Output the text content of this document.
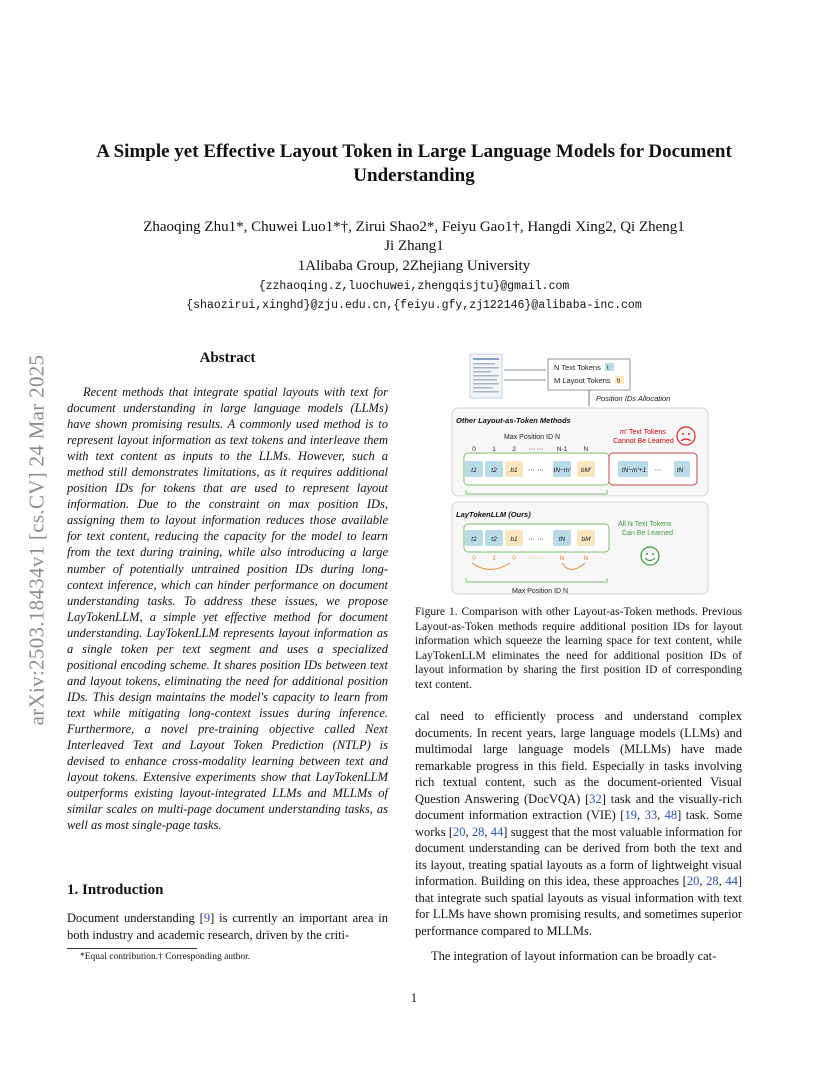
arXiv:2503.18434v1 [cs.CV] 24 Mar 2025
A Simple yet Effective Layout Token in Large Language Models for Document
Understanding
Zhaoqing Zhu1*, Chuwei Luo1*†, Zirui Shao2*, Feiyu Gao1†, Hangdi Xing2, Qi Zheng1
Ji Zhang1
1Alibaba Group, 2Zhejiang University
{zzhaoqing.z,luochuwei,zhengqisjtu}@gmail.com
{shaozirui,xinghd}@zju.edu.cn,{feiyu.gfy,zj122146}@alibaba-inc.com
Abstract
Recent methods that integrate spatial layouts with text for document understanding in large language models (LLMs) have shown promising results. A commonly used method is to represent layout information as text tokens and interleave them with text content as inputs to the LLMs. However, such a method still demonstrates limitations, as it requires additional position IDs for tokens that are used to represent layout information. Due to the constraint on max position IDs, assigning them to layout information reduces those available for text content, reducing the capacity for the model to learn from the text during training, while also introducing a large number of potentially untrained position IDs during long-context inference, which can hinder performance on document understanding tasks. To address these issues, we propose LayTokenLLM, a simple yet effective method for document understanding. LayTokenLLM represents layout information as a single token per text segment and uses a specialized positional encoding scheme. It shares position IDs between text and layout tokens, eliminating the need for additional position IDs. This design maintains the model's capacity to learn from text while mitigating long-context issues during inference. Furthermore, a novel pre-training objective called Next Interleaved Text and Layout Token Prediction (NTLP) is devised to enhance cross-modality learning between text and layout tokens. Extensive experiments show that LayTokenLLM outperforms existing layout-integrated LLMs and MLLMs of similar scales on multi-page document understanding tasks, as well as most single-page tasks.
1. Introduction
Document understanding [9] is currently an important area in both industry and academic research, driven by the criti-
*Equal contribution.† Corresponding author.
N Text Tokens t
M Layout Tokens b
Position IDs Allocation
Other Layout-as-Token Methods
Max Position ID N
m' Text Tokens
Cannot Be Learned
0	1	2 ⋯ ⋯ N-1	N
t1 t2 b1 ⋯ ⋯ tN−m' bM'	tN−m'+1 ⋯ tN
LayTokenLLM (Ours)
t1 t2 b1 ⋯ ⋯ tN bM
0	1	0 ⋯ ⋯ N	N
Max Position ID N
All N Text Tokens
Can Be Learned
Figure 1. Comparison with other Layout-as-Token methods. Previous Layout-as-Token methods require additional position IDs for layout information which squeeze the learning space for text content, while LayTokenLLM eliminates the need for additional position IDs of layout information by sharing the first position ID of corresponding text content.
cal need to efficiently process and understand complex documents. In recent years, large language models (LLMs) and multimodal large language models (MLLMs) have made remarkable progress in this field. Especially in tasks involving rich textual content, such as the document-oriented Visual Question Answering (DocVQA) [32] task and the visually-rich document information extraction (VIE) [19, 33, 48] task. Some works [20, 28, 44] suggest that the most valuable information for document understanding can be derived from both the text and its layout, treating spatial layouts as a form of lightweight visual information. Building on this idea, these approaches [20, 28, 44] that integrate such spatial layouts as visual information with text for LLMs have shown promising results, and sometimes superior performance compared to MLLMs.
The integration of layout information can be broadly cat-
1
